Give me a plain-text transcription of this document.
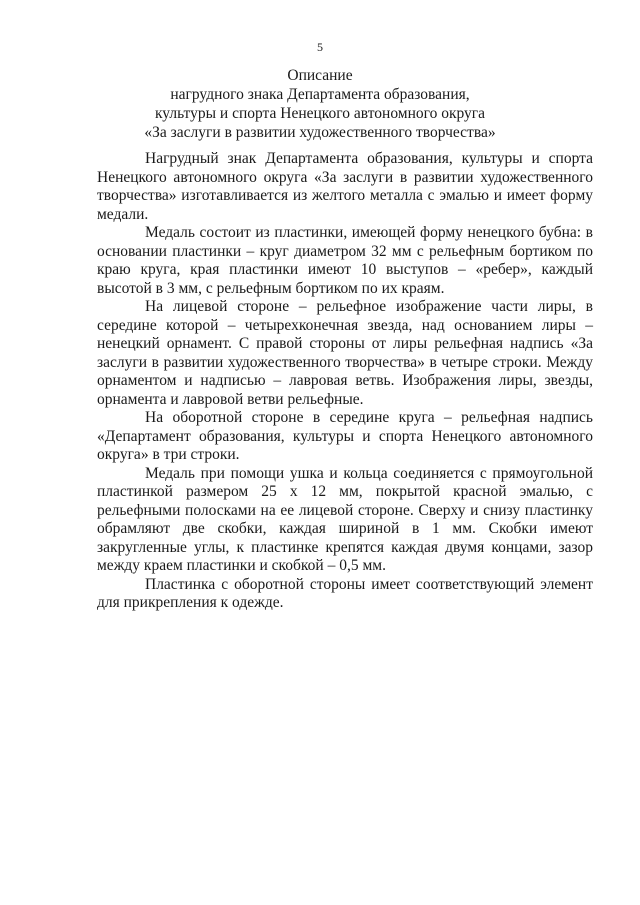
5
Описание
нагрудного знака Департамента образования,
культуры и спорта Ненецкого автономного округа
«За заслуги в развитии художественного творчества»

Нагрудный знак Департамента образования, культуры и спорта Ненецкого автономного округа «За заслуги в развитии художественного творчества» изготавливается из желтого металла с эмалью и имеет форму медали.

Медаль состоит из пластинки, имеющей форму ненецкого бубна: в основании пластинки – круг диаметром 32 мм с рельефным бортиком по краю круга, края пластинки имеют 10 выступов – «ребер», каждый высотой в 3 мм, с рельефным бортиком по их краям.

На лицевой стороне – рельефное изображение части лиры, в середине которой – четырехконечная звезда, над основанием лиры – ненецкий орнамент. С правой стороны от лиры рельефная надпись «За заслуги в развитии художественного творчества» в четыре строки. Между орнаментом и надписью – лавровая ветвь. Изображения лиры, звезды, орнамента и лавровой ветви рельефные.

На оборотной стороне в середине круга – рельефная надпись «Департамент образования, культуры и спорта Ненецкого автономного округа» в три строки.

Медаль при помощи ушка и кольца соединяется с прямоугольной пластинкой размером 25 х 12 мм, покрытой красной эмалью, с рельефными полосками на ее лицевой стороне. Сверху и снизу пластинку обрамляют две скобки, каждая шириной в 1 мм. Скобки имеют закругленные углы, к пластинке крепятся каждая двумя концами, зазор между краем пластинки и скобкой – 0,5 мм.

Пластинка с оборотной стороны имеет соответствующий элемент для прикрепления к одежде.
